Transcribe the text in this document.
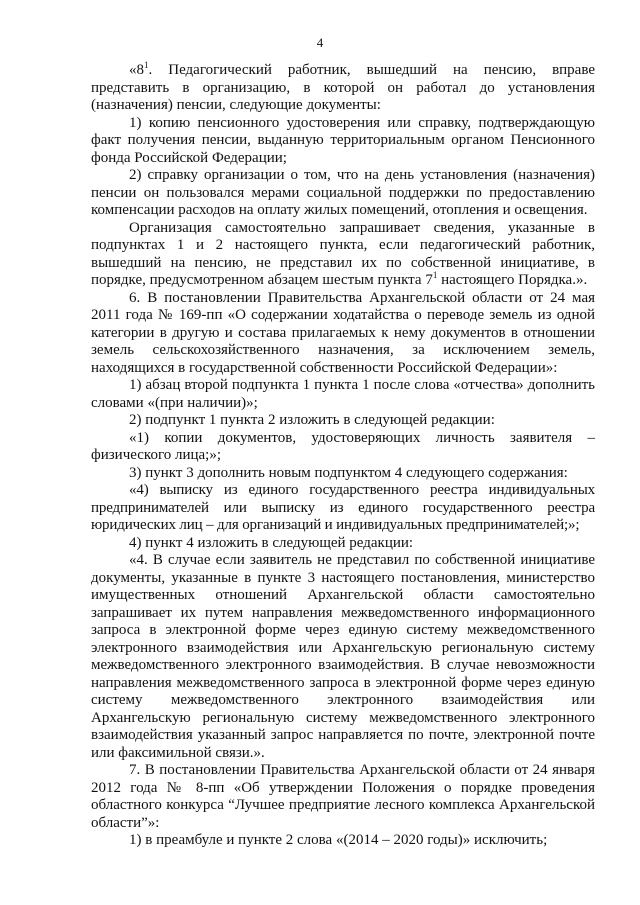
4

«$8^1$. Педагогический работник, вышедший на пенсию, вправе представить в организацию, в которой он работал до установления (назначения) пенсии, следующие документы:

1) копию пенсионного удостоверения или справку, подтверждающую факт получения пенсии, выданную территориальным органом Пенсионного фонда Российской Федерации;

2) справку организации о том, что на день установления (назначения) пенсии он пользовался мерами социальной поддержки по предоставлению компенсации расходов на оплату жилых помещений, отопления и освещения.

Организация самостоятельно запрашивает сведения, указанные в подпунктах 1 и 2 настоящего пункта, если педагогический работник, вышедший на пенсию, не представил их по собственной инициативе, в порядке, предусмотренном абзацем шестым пункта $7^1$ настоящего Порядка.».

6. В постановлении Правительства Архангельской области от 24 мая 2011 года № 169-пп «О содержании ходатайства о переводе земель из одной категории в другую и состава прилагаемых к нему документов в отношении земель сельскохозяйственного назначения, за исключением земель, находящихся в государственной собственности Российской Федерации»:

1) абзац второй подпункта 1 пункта 1 после слова «отчества» дополнить словами «(при наличии)»;

2) подпункт 1 пункта 2 изложить в следующей редакции:

«1) копии документов, удостоверяющих личность заявителя – физического лица;»;

3) пункт 3 дополнить новым подпунктом 4 следующего содержания:

«4) выписку из единого государственного реестра индивидуальных предпринимателей или выписку из единого государственного реестра юридических лиц – для организаций и индивидуальных предпринимателей;»;

4) пункт 4 изложить в следующей редакции:

«4. В случае если заявитель не представил по собственной инициативе документы, указанные в пункте 3 настоящего постановления, министерство имущественных отношений Архангельской области самостоятельно запрашивает их путем направления межведомственного информационного запроса в электронной форме через единую систему межведомственного электронного взаимодействия или Архангельскую региональную систему межведомственного электронного взаимодействия. В случае невозможности направления межведомственного запроса в электронной форме через единую систему межведомственного электронного взаимодействия или Архангельскую региональную систему межведомственного электронного взаимодействия указанный запрос направляется по почте, электронной почте или факсимильной связи.».

7. В постановлении Правительства Архангельской области от 24 января 2012 года № 8-пп «Об утверждении Положения о порядке проведения областного конкурса “Лучшее предприятие лесного комплекса Архангельской области”»:

1) в преамбуле и пункте 2 слова «(2014 – 2020 годы)» исключить;
